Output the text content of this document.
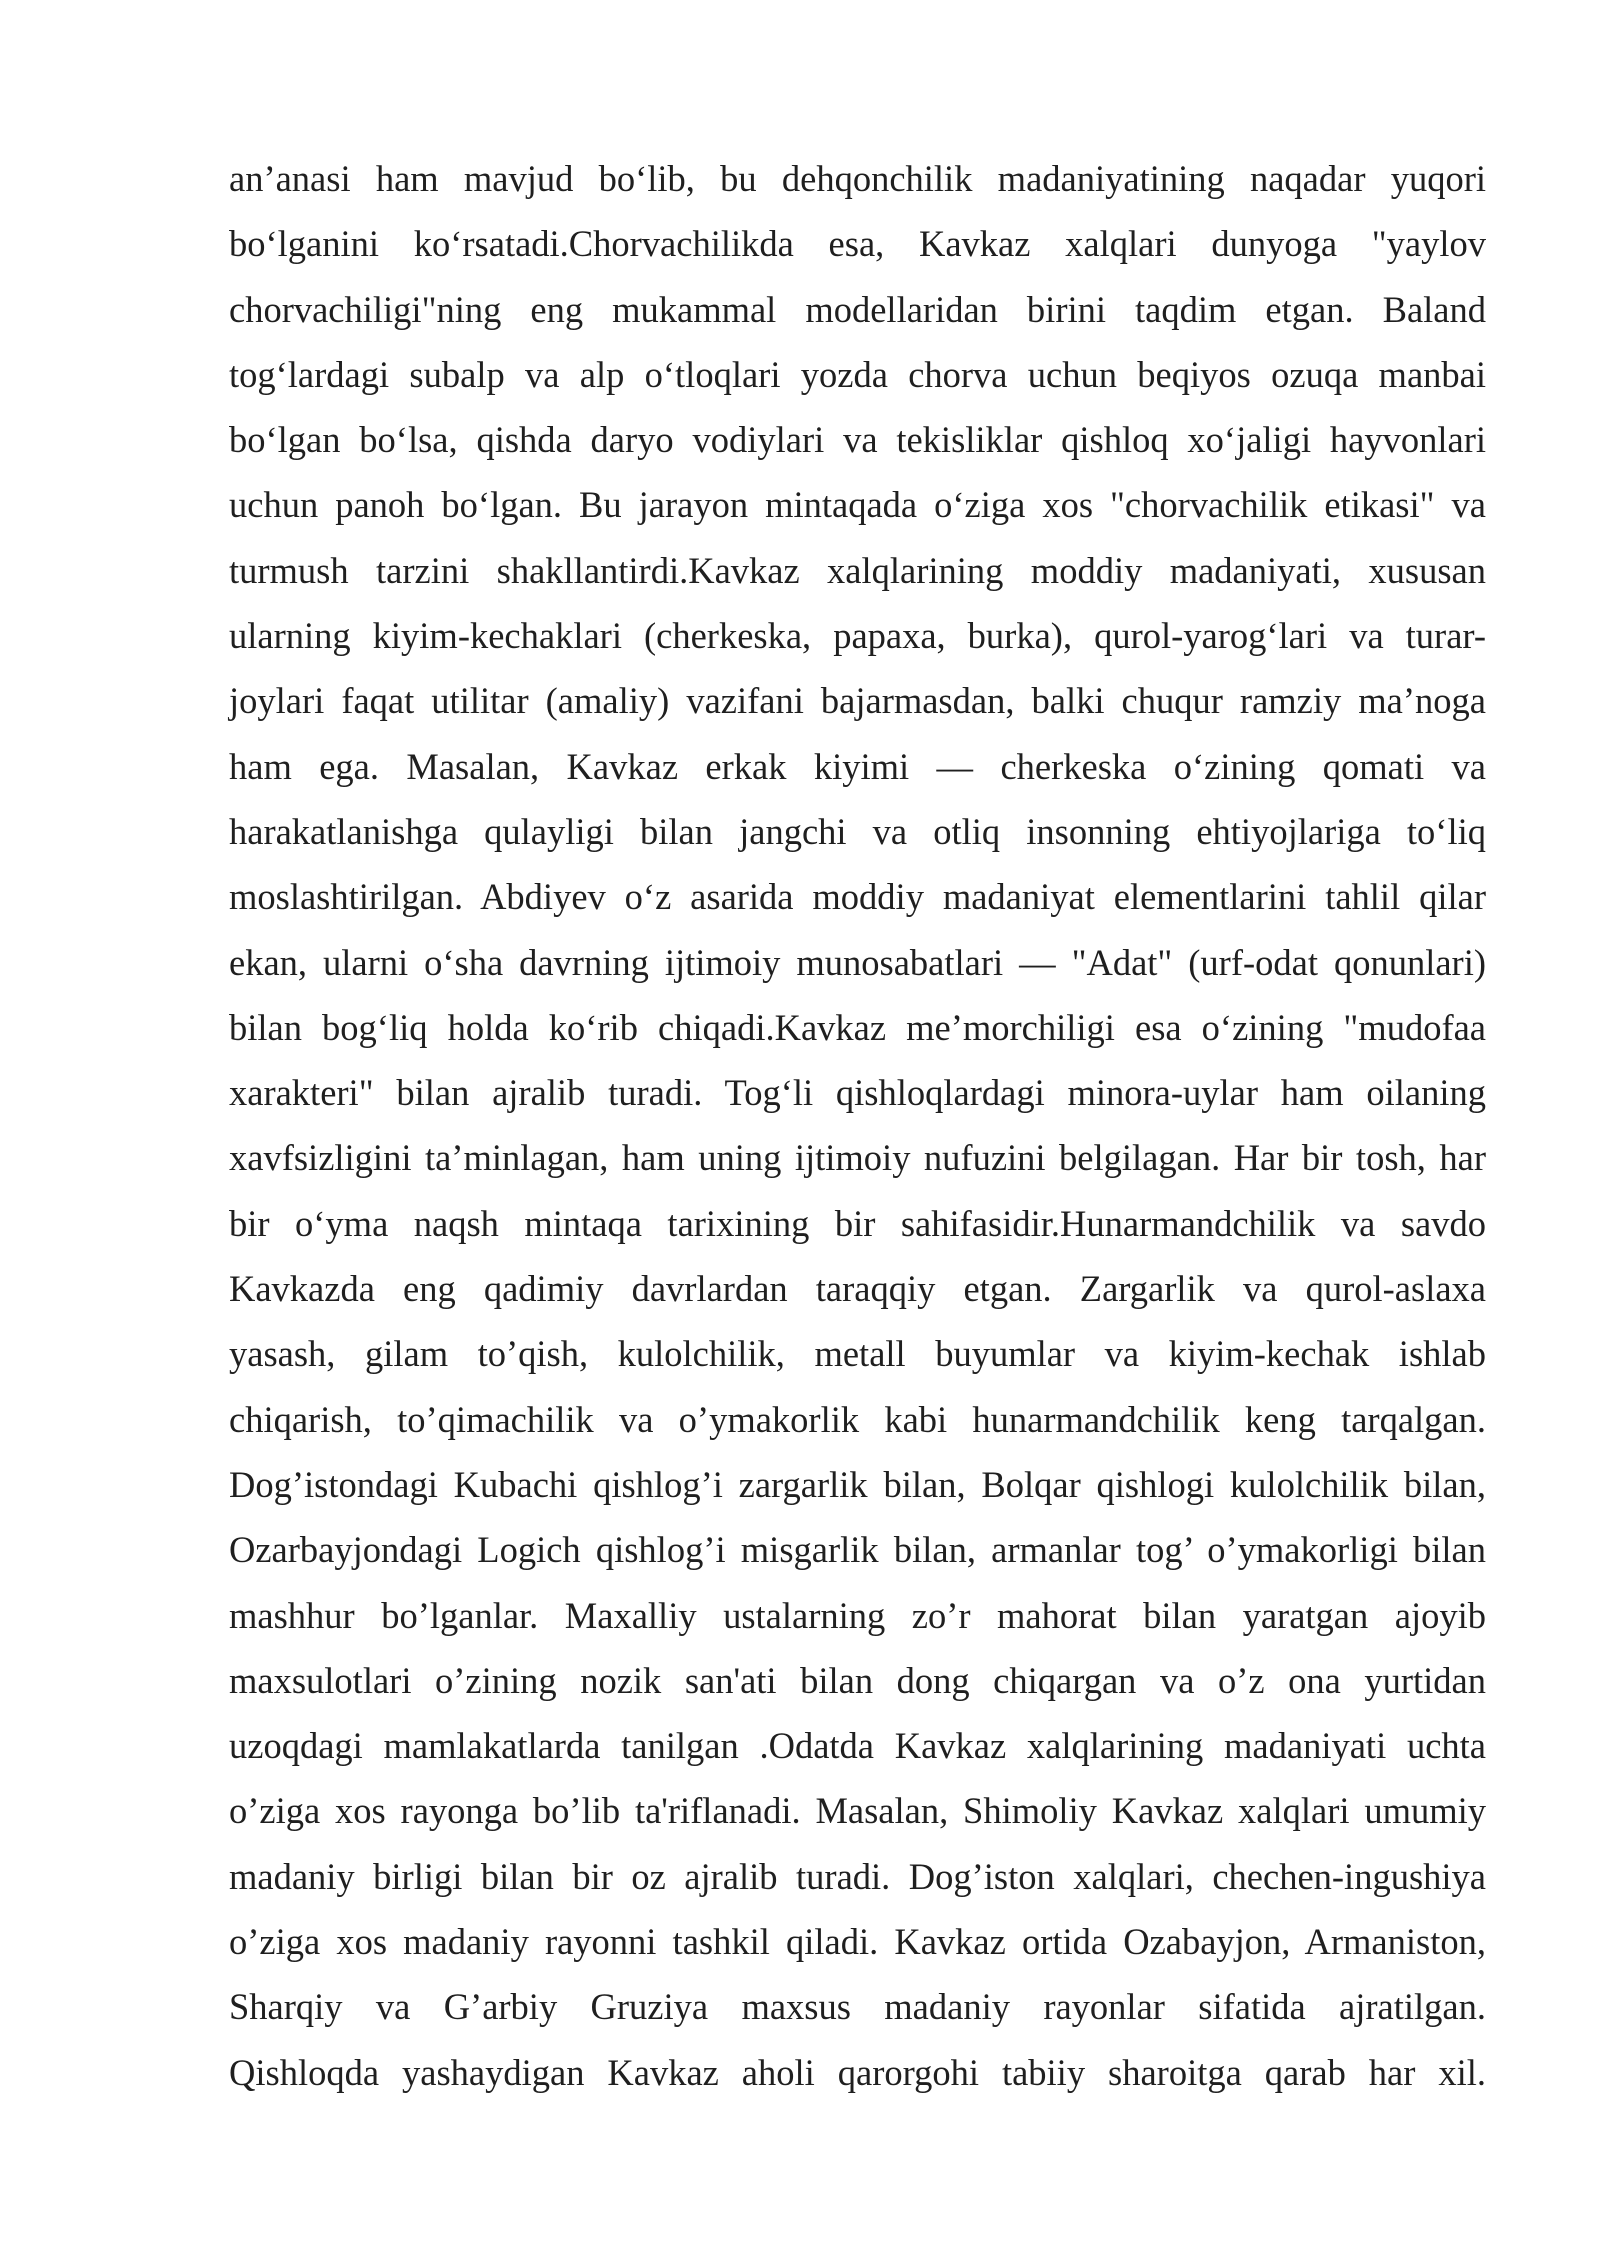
an’anasi ham mavjud bo‘lib, bu dehqonchilik madaniyatining naqadar yuqori
bo‘lganini ko‘rsatadi.Chorvachilikda esa, Kavkaz xalqlari dunyoga "yaylov
chorvachiligi"ning eng mukammal modellaridan birini taqdim etgan. Baland
tog‘lardagi subalp va alp o‘tloqlari yozda chorva uchun beqiyos ozuqa manbai
bo‘lgan bo‘lsa, qishda daryo vodiylari va tekisliklar qishloq xo‘jaligi hayvonlari
uchun panoh bo‘lgan. Bu jarayon mintaqada o‘ziga xos "chorvachilik etikasi" va
turmush tarzini shakllantirdi.Kavkaz xalqlarining moddiy madaniyati, xususan
ularning kiyim-kechaklari (cherkeska, papaxa, burka), qurol-yarog‘lari va turar-
joylari faqat utilitar (amaliy) vazifani bajarmasdan, balki chuqur ramziy ma’noga
ham ega. Masalan, Kavkaz erkak kiyimi — cherkeska o‘zining qomati va
harakatlanishga qulayligi bilan jangchi va otliq insonning ehtiyojlariga to‘liq
moslashtirilgan. Abdiyev o‘z asarida moddiy madaniyat elementlarini tahlil qilar
ekan, ularni o‘sha davrning ijtimoiy munosabatlari — "Adat" (urf-odat qonunlari)
bilan bog‘liq holda ko‘rib chiqadi.Kavkaz me’morchiligi esa o‘zining "mudofaa
xarakteri" bilan ajralib turadi. Tog‘li qishloqlardagi minora-uylar ham oilaning
xavfsizligini ta’minlagan, ham uning ijtimoiy nufuzini belgilagan. Har bir tosh, har
bir o‘yma naqsh mintaqa tarixining bir sahifasidir.Hunarmandchilik va savdo
Kavkazda eng qadimiy davrlardan taraqqiy etgan. Zargarlik va qurol-aslaxa
yasash, gilam to’qish, kulolchilik, metall buyumlar va kiyim-kechak ishlab
chiqarish, to’qimachilik va o’ymakorlik kabi hunarmandchilik keng tarqalgan.
Dog’istondagi Kubachi qishlog’i zargarlik bilan, Bolqar qishlogi kulolchilik bilan,
Ozarbayjondagi Logich qishlog’i misgarlik bilan, armanlar tog’ o’ymakorligi bilan
mashhur bo’lganlar. Maxalliy ustalarning zo’r mahorat bilan yaratgan ajoyib
maxsulotlari o’zining nozik san'ati bilan dong chiqargan va o’z ona yurtidan
uzoqdagi mamlakatlarda tanilgan .Odatda Kavkaz xalqlarining madaniyati uchta
o’ziga xos rayonga bo’lib ta'riflanadi. Masalan, Shimoliy Kavkaz xalqlari umumiy
madaniy birligi bilan bir oz ajralib turadi. Dog’iston xalqlari, chechen-ingushiya
o’ziga xos madaniy rayonni tashkil qiladi. Kavkaz ortida Ozabayjon, Armaniston,
Sharqiy va G’arbiy Gruziya maxsus madaniy rayonlar sifatida ajratilgan.
Qishloqda yashaydigan Kavkaz aholi qarorgohi tabiiy sharoitga qarab har xil.
